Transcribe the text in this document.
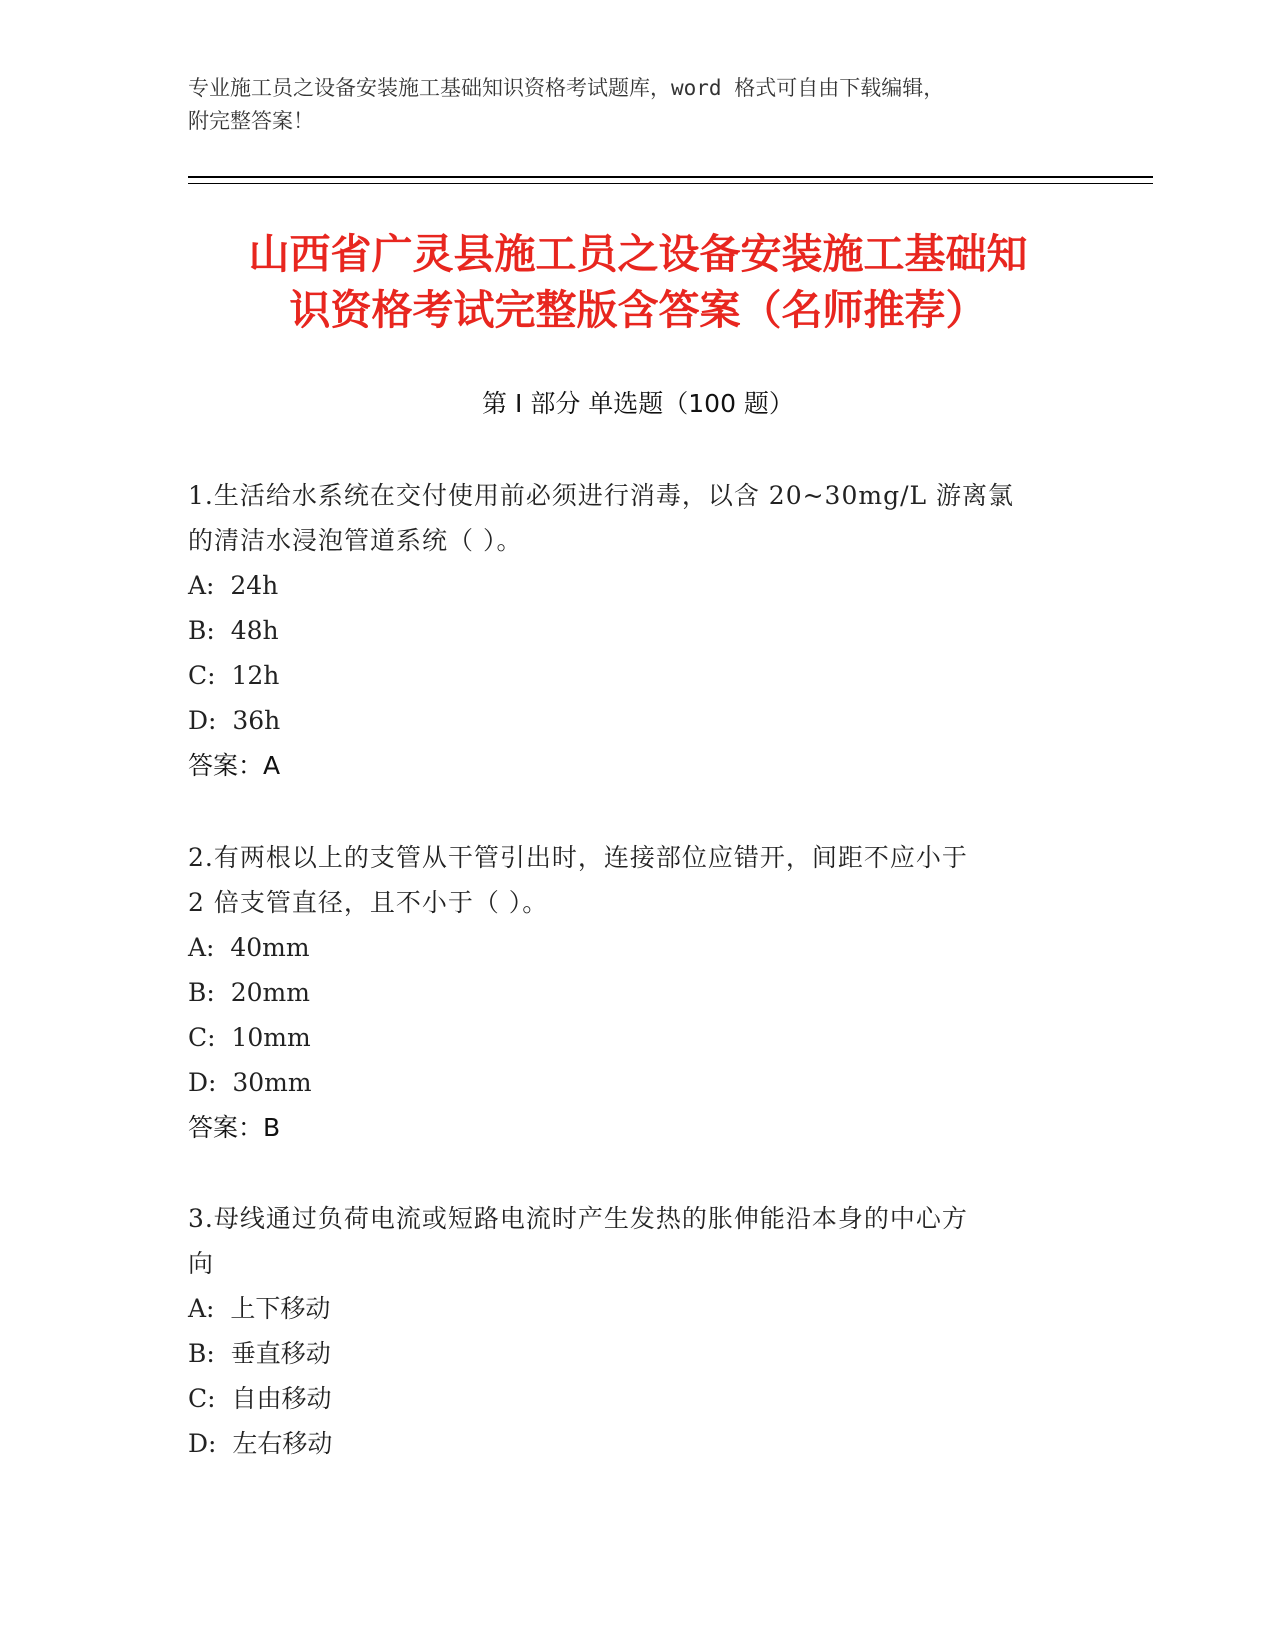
专业施工员之设备安装施工基础知识资格考试题库，word 格式可自由下载编辑，
附完整答案！
山西省广灵县施工员之设备安装施工基础知
识资格考试完整版含答案（名师推荐）
第 I 部分 单选题（100 题）
1.生活给水系统在交付使用前必须进行消毒，以含 20~30mg/L 游离氯
的清洁水浸泡管道系统（ ）。
A:  24h
B:  48h
C:  12h
D:  36h
答案：A
2.有两根以上的支管从干管引出时，连接部位应错开，间距不应小于
2 倍支管直径，且不小于（ ）。
A:  40mm
B:  20mm
C:  10mm
D:  30mm
答案：B
3.母线通过负荷电流或短路电流时产生发热的胀伸能沿本身的中心方
向
A:  上下移动
B:  垂直移动
C:  自由移动
D:  左右移动
